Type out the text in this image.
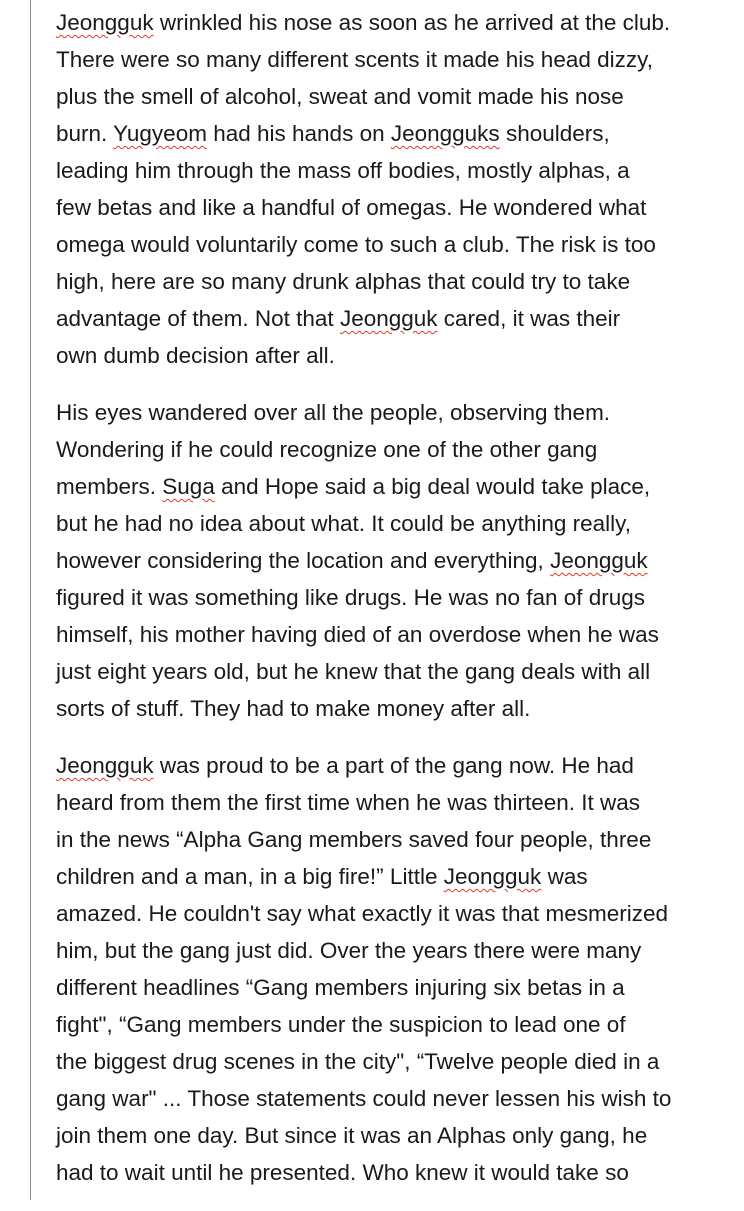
Jeongguk wrinkled his nose as soon as he arrived at the club.
There were so many different scents it made his head dizzy,
plus the smell of alcohol, sweat and vomit made his nose
burn. Yugyeom had his hands on Jeongguks shoulders,
leading him through the mass off bodies, mostly alphas, a
few betas and like a handful of omegas. He wondered what
omega would voluntarily come to such a club. The risk is too
high, here are so many drunk alphas that could try to take
advantage of them. Not that Jeongguk cared, it was their
own dumb decision after all.

His eyes wandered over all the people, observing them.
Wondering if he could recognize one of the other gang
members. Suga and Hope said a big deal would take place,
but he had no idea about what. It could be anything really,
however considering the location and everything, Jeongguk
figured it was something like drugs. He was no fan of drugs
himself, his mother having died of an overdose when he was
just eight years old, but he knew that the gang deals with all
sorts of stuff. They had to make money after all.

Jeongguk was proud to be a part of the gang now. He had
heard from them the first time when he was thirteen. It was
in the news “Alpha Gang members saved four people, three
children and a man, in a big fire!” Little Jeongguk was
amazed. He couldn't say what exactly it was that mesmerized
him, but the gang just did. Over the years there were many
different headlines “Gang members injuring six betas in a
fight", “Gang members under the suspicion to lead one of
the biggest drug scenes in the city", “Twelve people died in a
gang war" ... Those statements could never lessen his wish to
join them one day. But since it was an Alphas only gang, he
had to wait until he presented. Who knew it would take so
